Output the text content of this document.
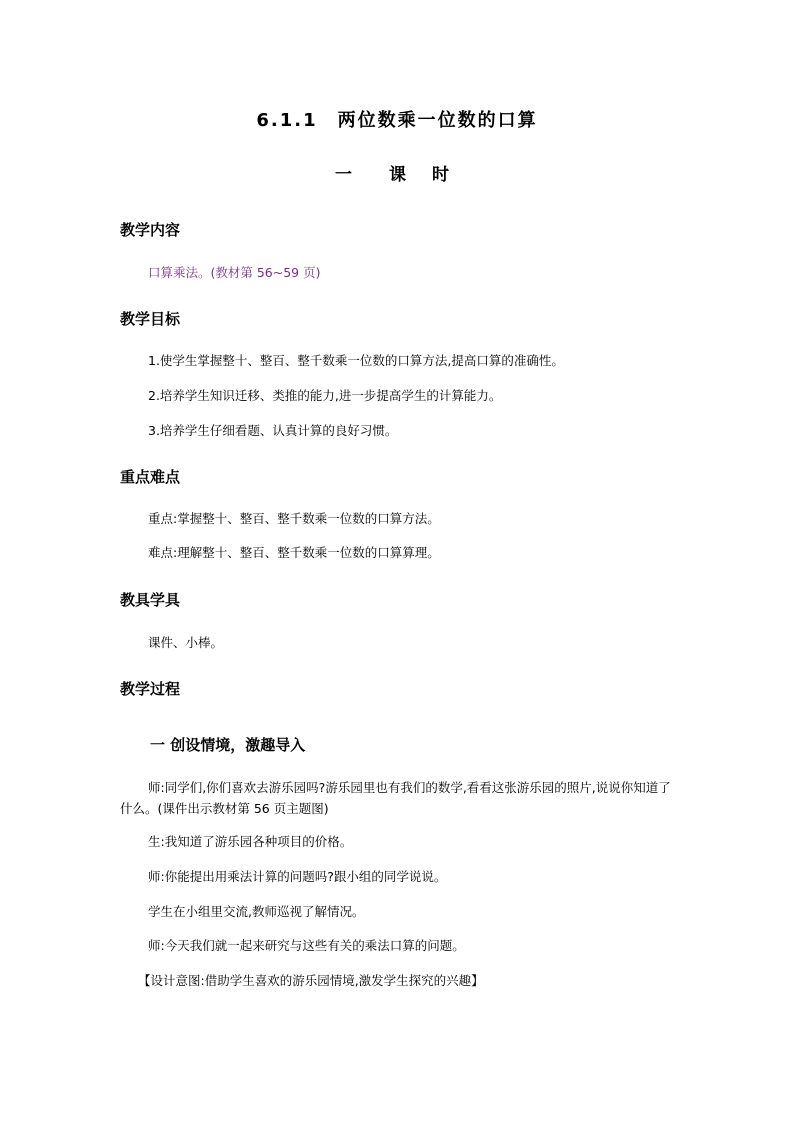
6.1.1　两位数乘一位数的口算
一　课 时
教学内容
口算乘法。(教材第 56~59 页)
教学目标
1.使学生掌握整十、整百、整千数乘一位数的口算方法,提高口算的准确性。
2.培养学生知识迁移、类推的能力,进一步提高学生的计算能力。
3.培养学生仔细看题、认真计算的良好习惯。
重点难点
重点:掌握整十、整百、整千数乘一位数的口算方法。
难点:理解整十、整百、整千数乘一位数的口算算理。
教具学具
课件、小棒。
教学过程
一 创设情境，激趣导入
师:同学们,你们喜欢去游乐园吗?游乐园里也有我们的数学,看看这张游乐园的照片,说说你知道了什么。(课件出示教材第 56 页主题图)
生:我知道了游乐园各种项目的价格。
师:你能提出用乘法计算的问题吗?跟小组的同学说说。
学生在小组里交流,教师巡视了解情况。
师:今天我们就一起来研究与这些有关的乘法口算的问题。
【设计意图:借助学生喜欢的游乐园情境,激发学生探究的兴趣】
